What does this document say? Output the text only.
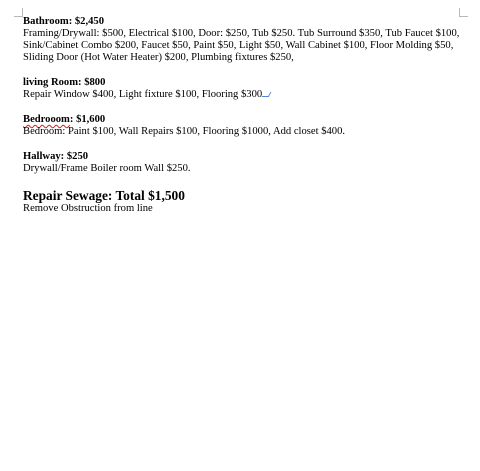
Bathroom: $2,450
Framing/Drywall: $500, Electrical $100, Door: $250, Tub $250. Tub Surround $350, Tub Faucet $100, Sink/Cabinet Combo $200, Faucet $50, Paint $50, Light $50, Wall Cabinet $100, Floor Molding $50, Sliding Door (Hot Water Heater) $200, Plumbing fixtures $250,
living Room: $800
Repair Window $400, Light fixture $100, Flooring $300
Bedrooom: $1,600
Bedroom: Paint $100, Wall Repairs $100, Flooring $1000, Add closet $400.
Hallway: $250
Drywall/Frame Boiler room Wall $250.
Repair Sewage: Total $1,500
Remove Obstruction from line
